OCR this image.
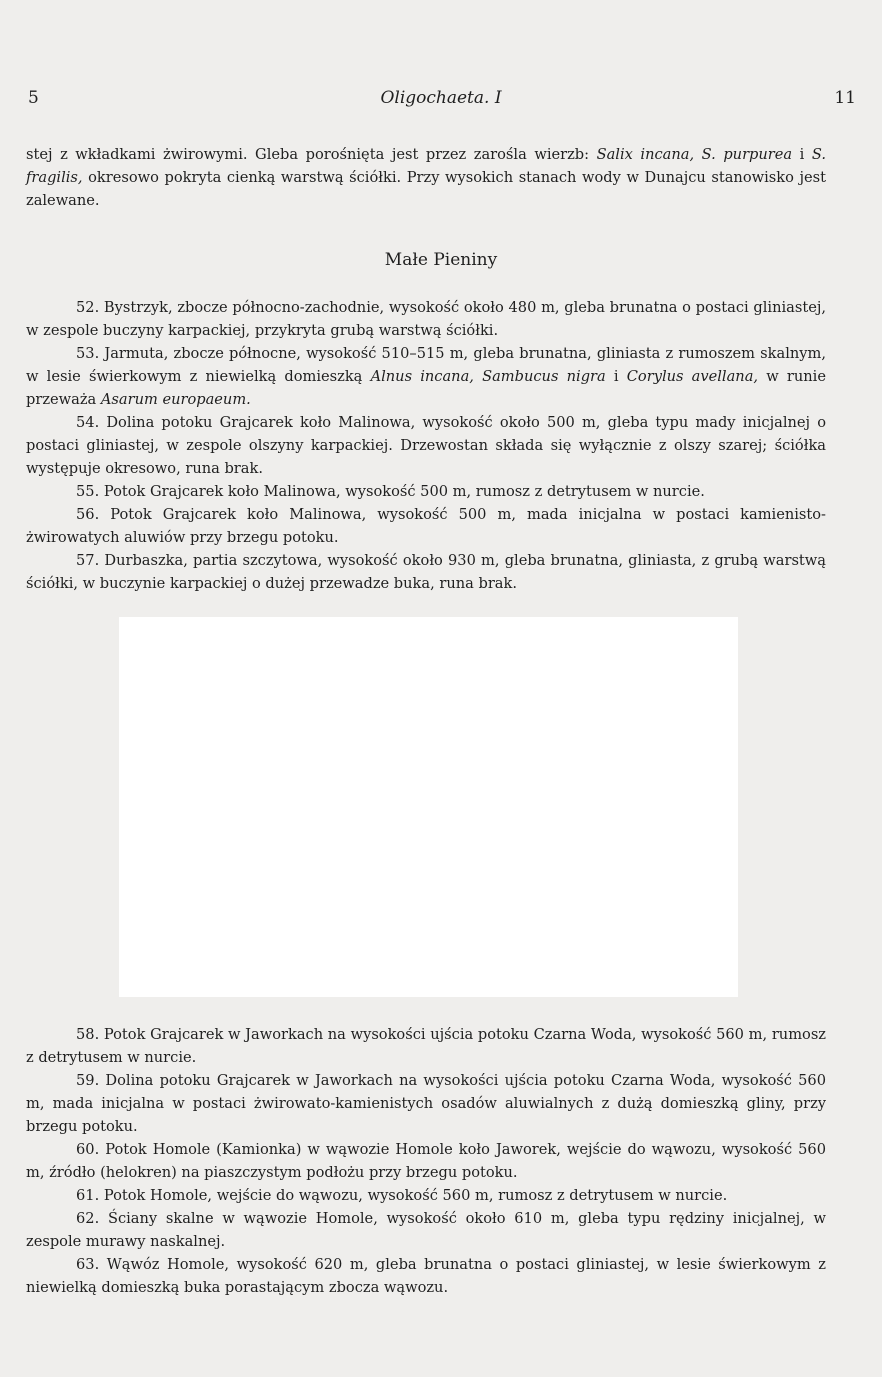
5	Oligochaeta. I	11

stej z wkładkami żwirowymi. Gleba porośnięta jest przez zarośla wierzb: Salix incana, S. purpurea i S. fragilis, okresowo pokryta cienką warstwą ściółki. Przy wysokich stanach wody w Dunajcu stanowisko jest zalewane.

Małe Pieniny

52. Bystrzyk, zbocze północno-zachodnie, wysokość około 480 m, gleba brunatna o postaci gliniastej, w zespole buczyny karpackiej, przykryta grubą warstwą ściółki.

53. Jarmuta, zbocze północne, wysokość 510–515 m, gleba brunatna, gliniasta z rumoszem skalnym, w lesie świerkowym z niewielką domieszką Alnus incana, Sambucus nigra i Corylus avellana, w runie przeważa Asarum europaeum.

54. Dolina potoku Grajcarek koło Malinowa, wysokość około 500 m, gleba typu mady inicjalnej o postaci gliniastej, w zespole olszyny karpackiej. Drzewostan składa się wyłącznie z olszy szarej; ściółka występuje okresowo, runa brak.

55. Potok Grajcarek koło Malinowa, wysokość 500 m, rumosz z detrytusem w nurcie.

56. Potok Grajcarek koło Malinowa, wysokość 500 m, mada inicjalna w postaci kamienisto-żwirowatych aluwiów przy brzegu potoku.

57. Durbaszka, partia szczytowa, wysokość około 930 m, gleba brunatna, gliniasta, z grubą warstwą ściółki, w buczynie karpackiej o dużej przewadze buka, runa brak.

58. Potok Grajcarek w Jaworkach na wysokości ujścia potoku Czarna Woda, wysokość 560 m, rumosz z detrytusem w nurcie.

59. Dolina potoku Grajcarek w Jaworkach na wysokości ujścia potoku Czarna Woda, wysokość 560 m, mada inicjalna w postaci żwirowato-kamienistych osadów aluwialnych z dużą domieszką gliny, przy brzegu potoku.

60. Potok Homole (Kamionka) w wąwozie Homole koło Jaworek, wejście do wąwozu, wysokość 560 m, źródło (helokren) na piaszczystym podłożu przy brzegu potoku.

61. Potok Homole, wejście do wąwozu, wysokość 560 m, rumosz z detrytusem w nurcie.

62. Ściany skalne w wąwozie Homole, wysokość około 610 m, gleba typu rędziny inicjalnej, w zespole murawy naskalnej.

63. Wąwóz Homole, wysokość 620 m, gleba brunatna o postaci gliniastej, w lesie świerkowym z niewielką domieszką buka porastającym zbocza wąwozu.
